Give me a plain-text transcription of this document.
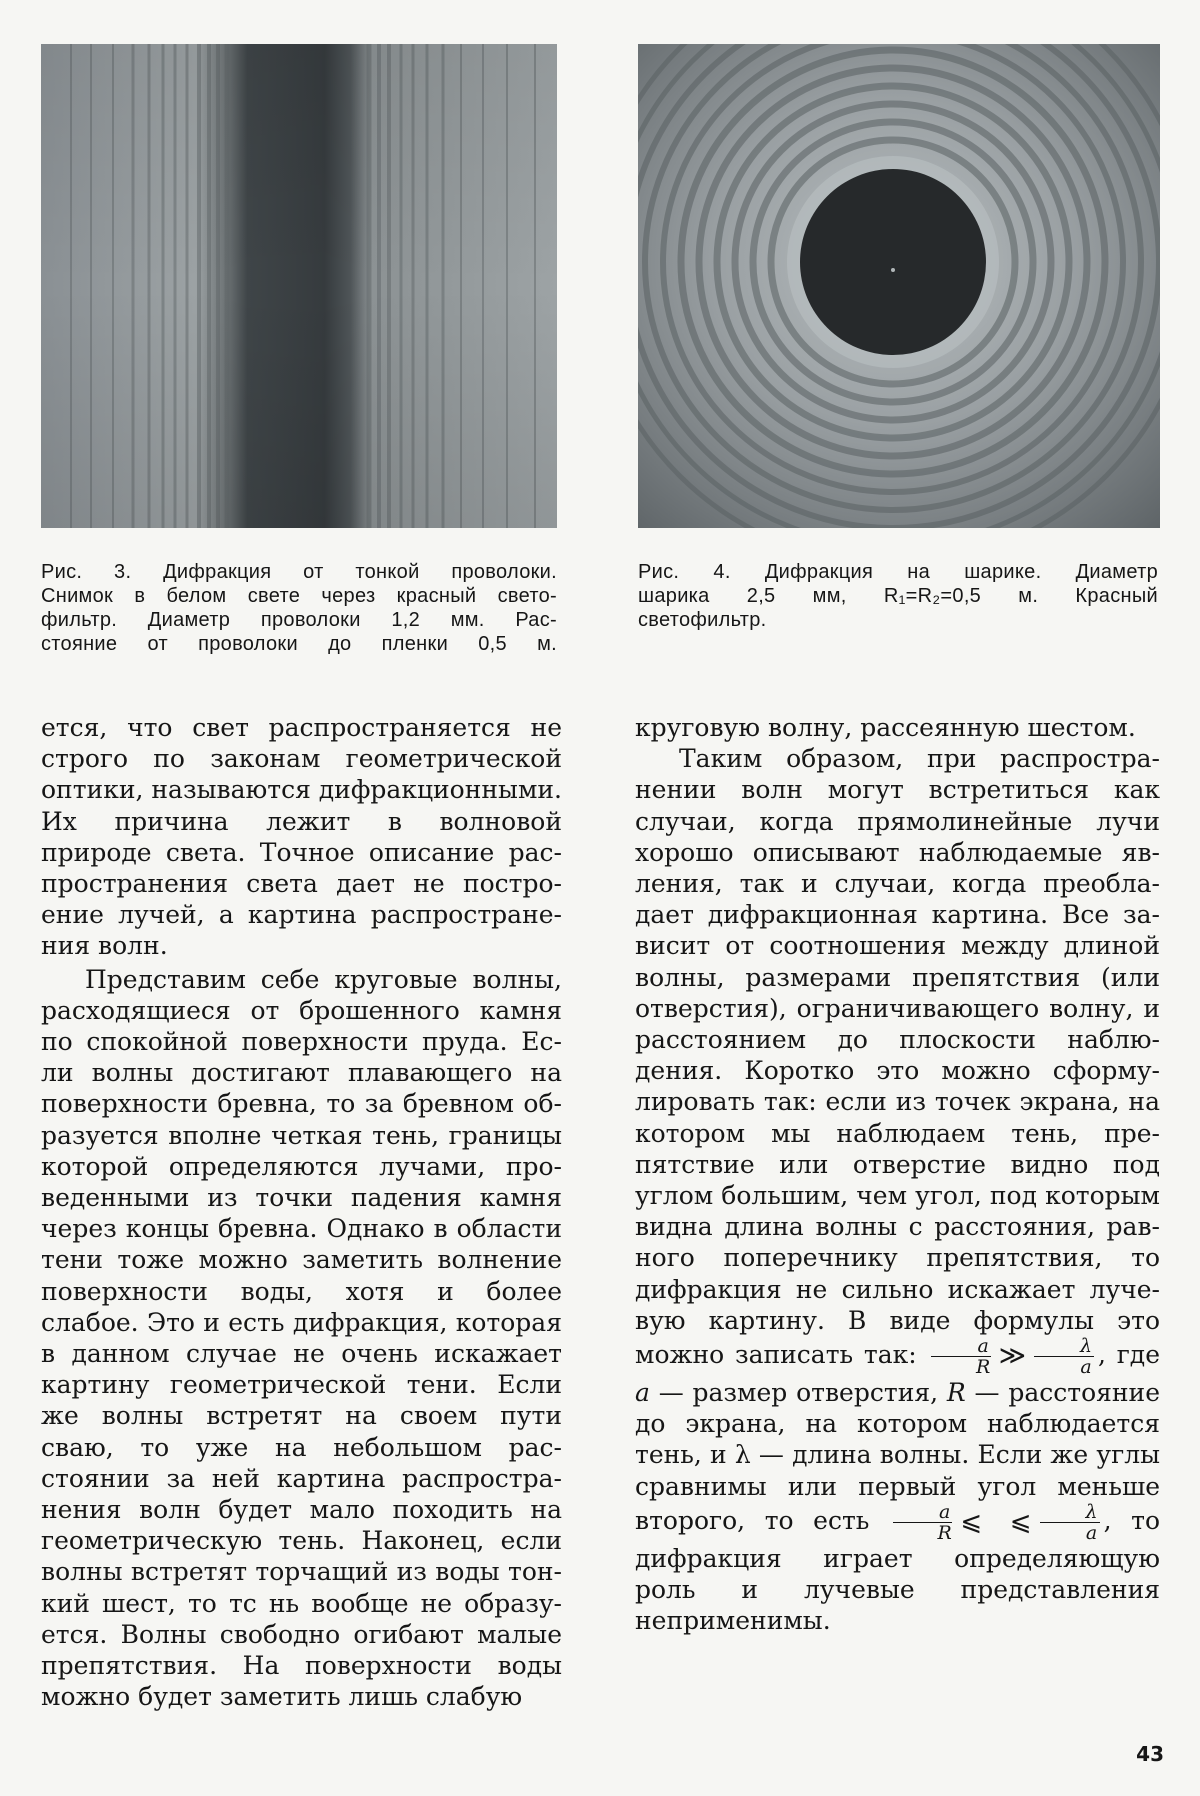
Рис. 3. Дифракция от тонкой проволоки.
Снимок в белом свете через красный свето-
фильтр. Диаметр проволоки 1,2 мм. Рас-
стояние от проволоки до пленки 0,5 м.
Рис. 4. Дифракция на шарике. Диаметр
шарика 2,5 мм, R₁=R₂=0,5 м. Красный
светофильтр.

ется, что свет распространяется не строго по законам геометрической оптики, называются дифракционными. Их причина лежит в волновой природе света. Точное описание распространения света дает не построение лучей, а картина распространения волн.

Представим себе круговые волны, расходящиеся от брошенного камня по спокойной поверхности пруда. Если волны достигают плавающего на поверхности бревна, то за бревном образуется вполне четкая тень, границы которой определяются лучами, проведенными из точки падения камня через концы бревна. Однако в области тени тоже можно заметить волнение поверхности воды, хотя и более слабое. Это и есть дифракция, которая в данном случае не очень искажает картину геометрической тени. Если же волны встретят на своем пути сваю, то уже на небольшом расстоянии за ней картина распространения волн будет мало походить на геометрическую тень. Наконец, если волны встретят торчащий из воды тонкий шест, то тс нь вообще не образуется. Волны свободно огибают малые препятствия. На поверхности воды можно будет заметить лишь слабую

круговую волну, рассеянную шестом.

Таким образом, при распространении волн могут встретиться как случаи, когда прямолинейные лучи хорошо описывают наблюдаемые явления, так и случаи, когда преобладает дифракционная картина. Все зависит от соотношения между длиной волны, размерами препятствия (или отверстия), ограничивающего волну, и расстоянием до плоскости наблюдения. Коротко это можно сформулировать так: если из точек экрана, на котором мы наблюдаем тень, препятствие или отверстие видно под углом большим, чем угол, под которым видна длина волны с расстояния, равного поперечнику препятствия, то дифракция не сильно искажает лучевую картину. В виде формулы это можно записать так: $\frac{a}{R}$ ≫ $\frac{\lambda}{a}$ , где a — размер отверстия, R — расстояние до экрана, на котором наблюдается тень, и λ — длина волны. Если же углы сравнимы или первый угол меньше второго, то есть $\frac{a}{R}$ ⩽ ⩽ $\frac{\lambda}{a}$ , то дифракция играет определяющую роль и лучевые представления неприменимы.

43
